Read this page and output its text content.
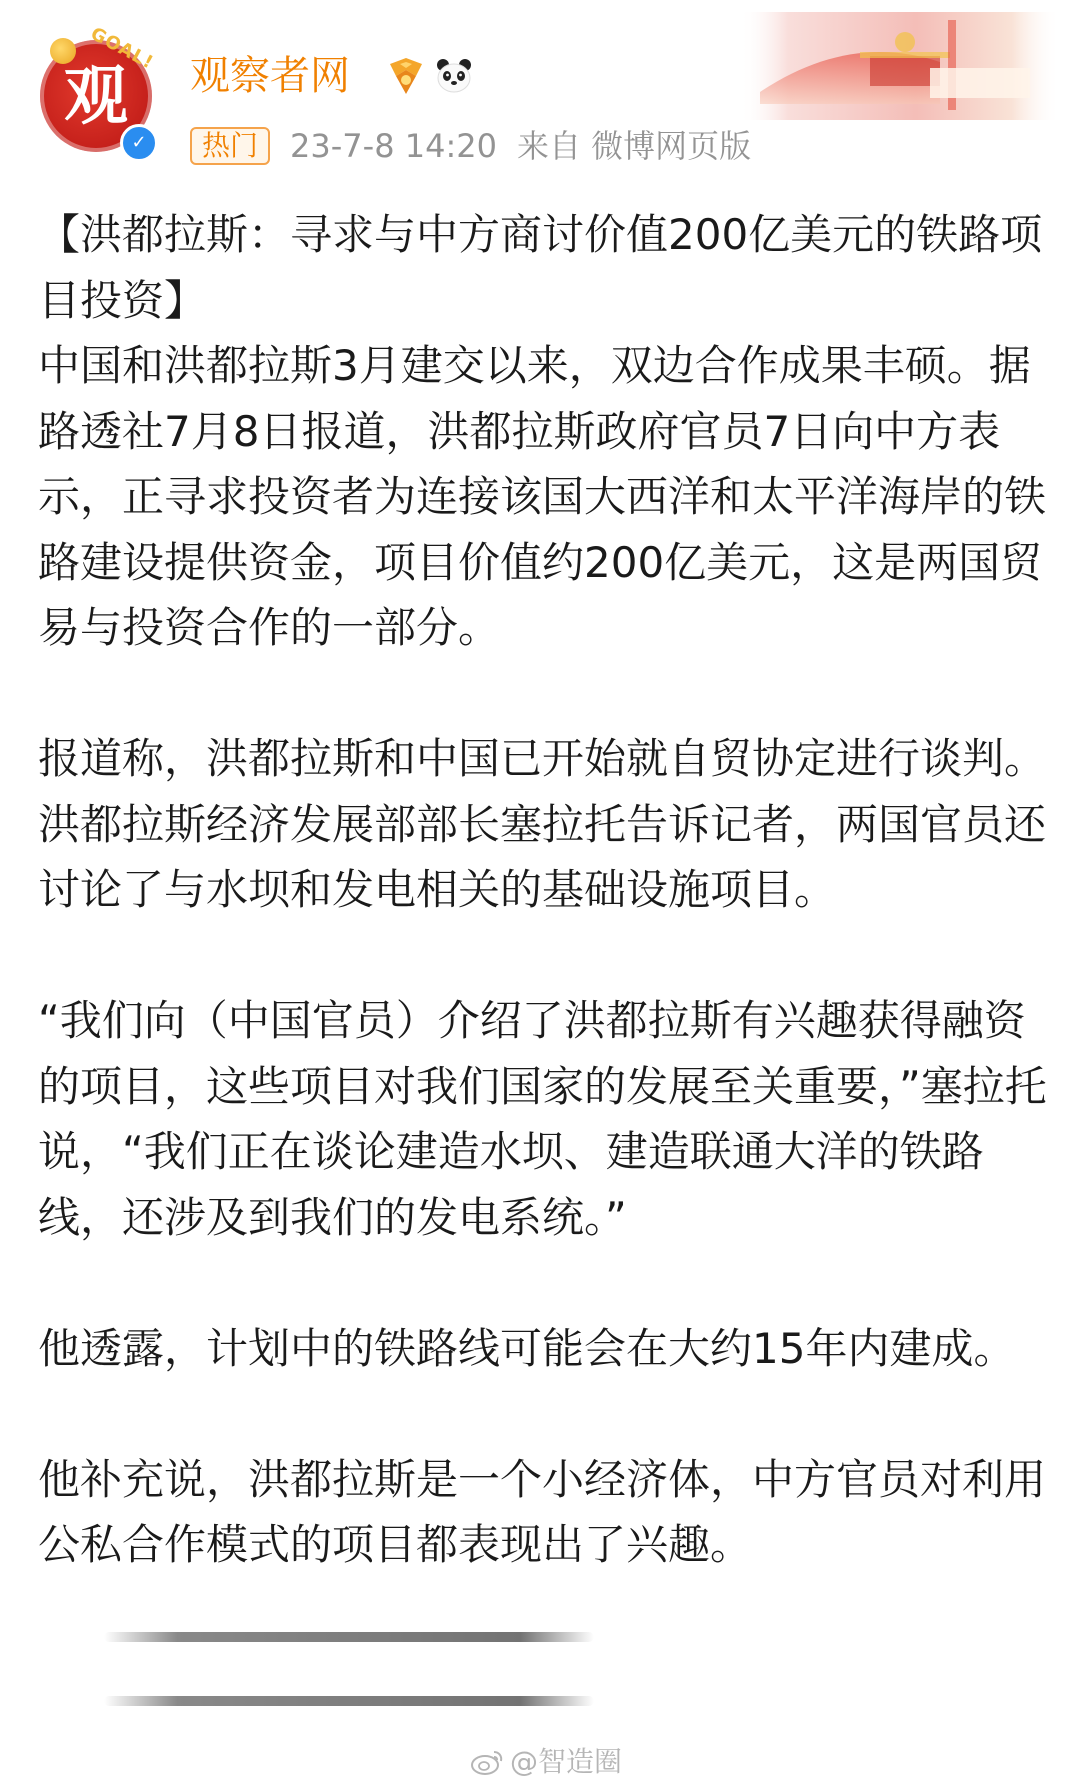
GOAL!
观
✓
观察者网
热门	23-7-8 14:20 来自 微博网页版

【洪都拉斯：寻求与中方商讨价值200亿美元的铁路项目投资】

中国和洪都拉斯3月建交以来，双边合作成果丰硕。据路透社7月8日报道，洪都拉斯政府官员7日向中方表示，正寻求投资者为连接该国大西洋和太平洋海岸的铁路建设提供资金，项目价值约200亿美元，这是两国贸易与投资合作的一部分。

报道称，洪都拉斯和中国已开始就自贸协定进行谈判。洪都拉斯经济发展部部长塞拉托告诉记者，两国官员还讨论了与水坝和发电相关的基础设施项目。

“我们向（中国官员）介绍了洪都拉斯有兴趣获得融资的项目，这些项目对我们国家的发展至关重要，”塞拉托说，“我们正在谈论建造水坝、建造联通大洋的铁路线，还涉及到我们的发电系统。”

他透露，计划中的铁路线可能会在大约15年内建成。

他补充说，洪都拉斯是一个小经济体，中方官员对利用公私合作模式的项目都表现出了兴趣。

@智造圈
